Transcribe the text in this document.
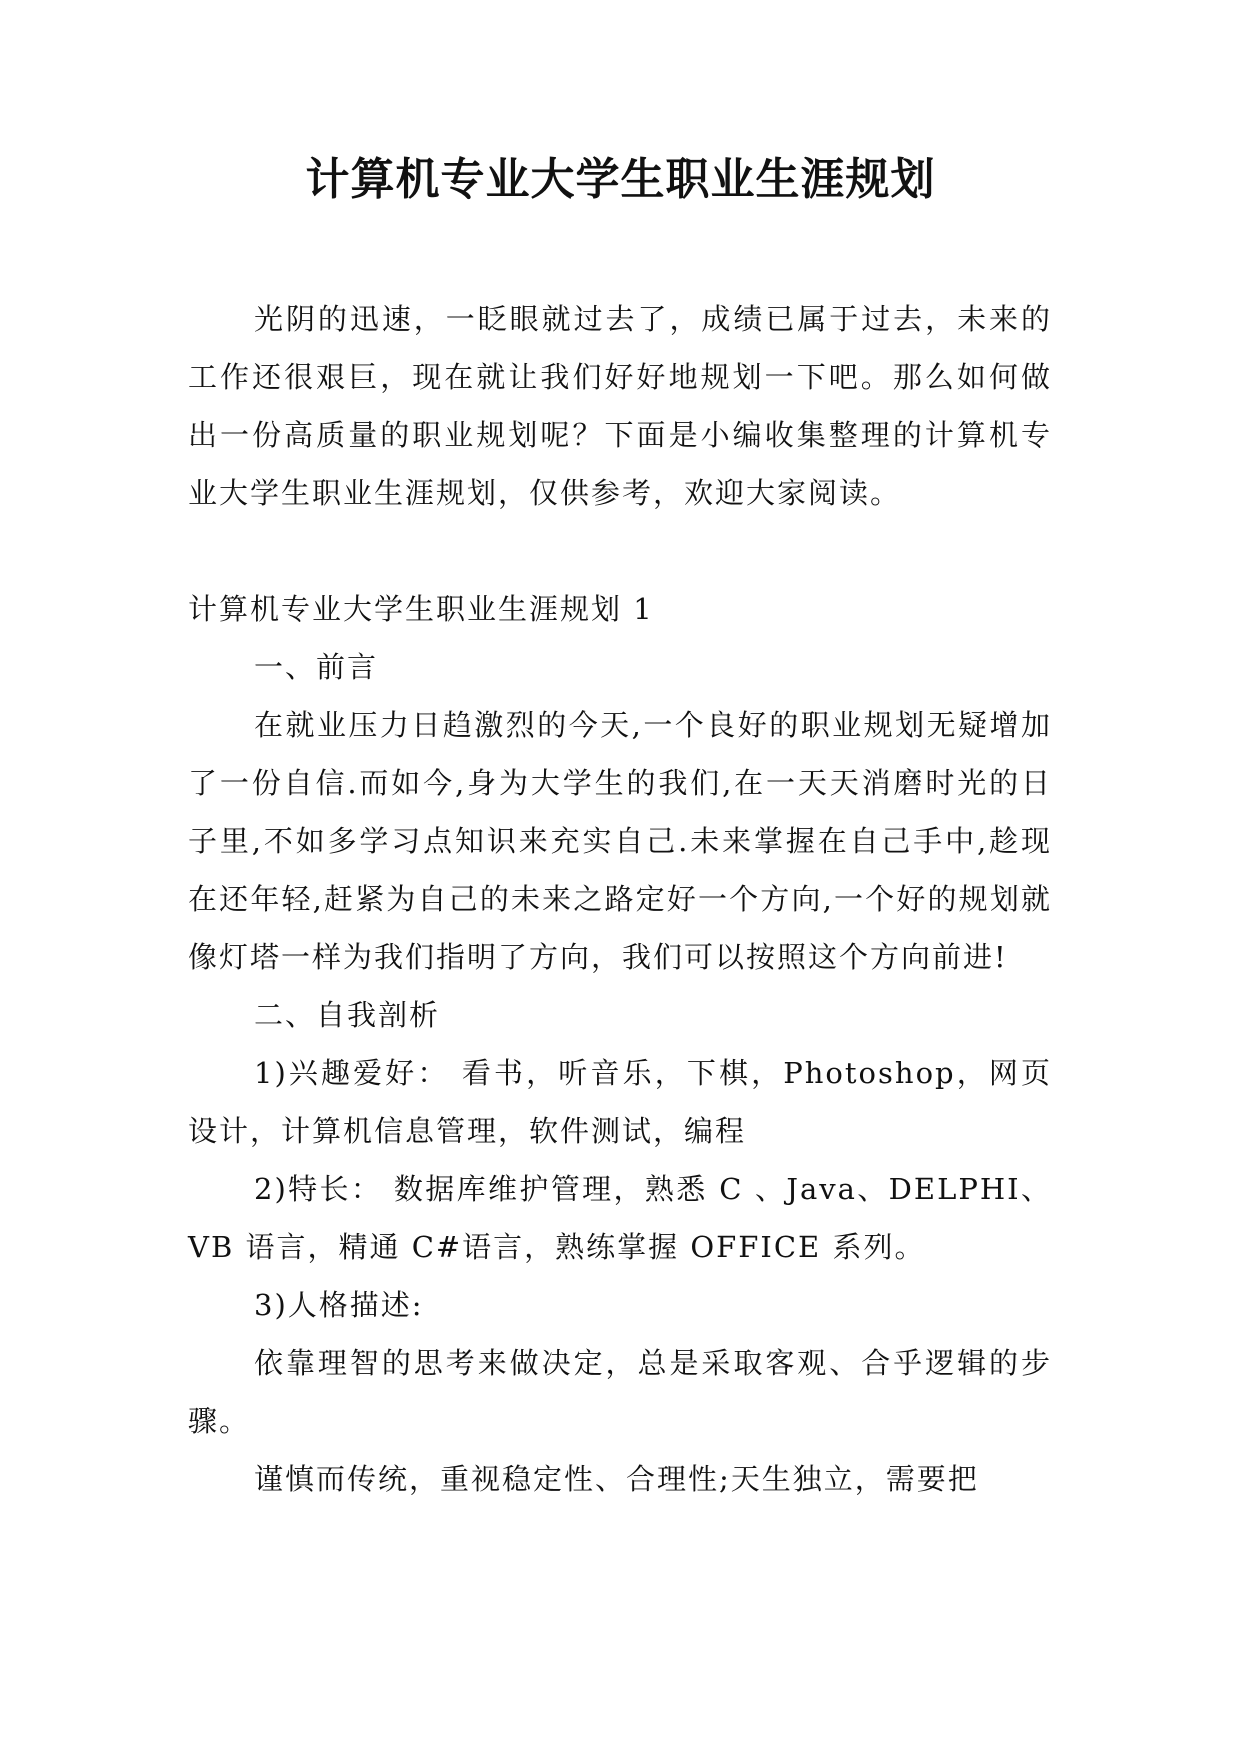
计算机专业大学生职业生涯规划
光阴的迅速，一眨眼就过去了，成绩已属于过去，未来的工作还很艰巨，现在就让我们好好地规划一下吧。那么如何做出一份高质量的职业规划呢？下面是小编收集整理的计算机专业大学生职业生涯规划，仅供参考，欢迎大家阅读。

计算机专业大学生职业生涯规划 1

一、前言

在就业压力日趋激烈的今天,一个良好的职业规划无疑增加了一份自信.而如今,身为大学生的我们,在一天天消磨时光的日子里,不如多学习点知识来充实自己.未来掌握在自己手中,趁现在还年轻,赶紧为自己的未来之路定好一个方向,一个好的规划就像灯塔一样为我们指明了方向，我们可以按照这个方向前进!

二、自我剖析

1)兴趣爱好： 看书，听音乐，下棋，Photoshop，网页设计，计算机信息管理，软件测试，编程

2)特长： 数据库维护管理，熟悉 C 、Java、DELPHI、VB 语言，精通 C#语言，熟练掌握 OFFICE 系列。

3)人格描述:

依靠理智的思考来做决定，总是采取客观、合乎逻辑的步骤。

谨慎而传统，重视稳定性、合理性;天生独立，需要把
